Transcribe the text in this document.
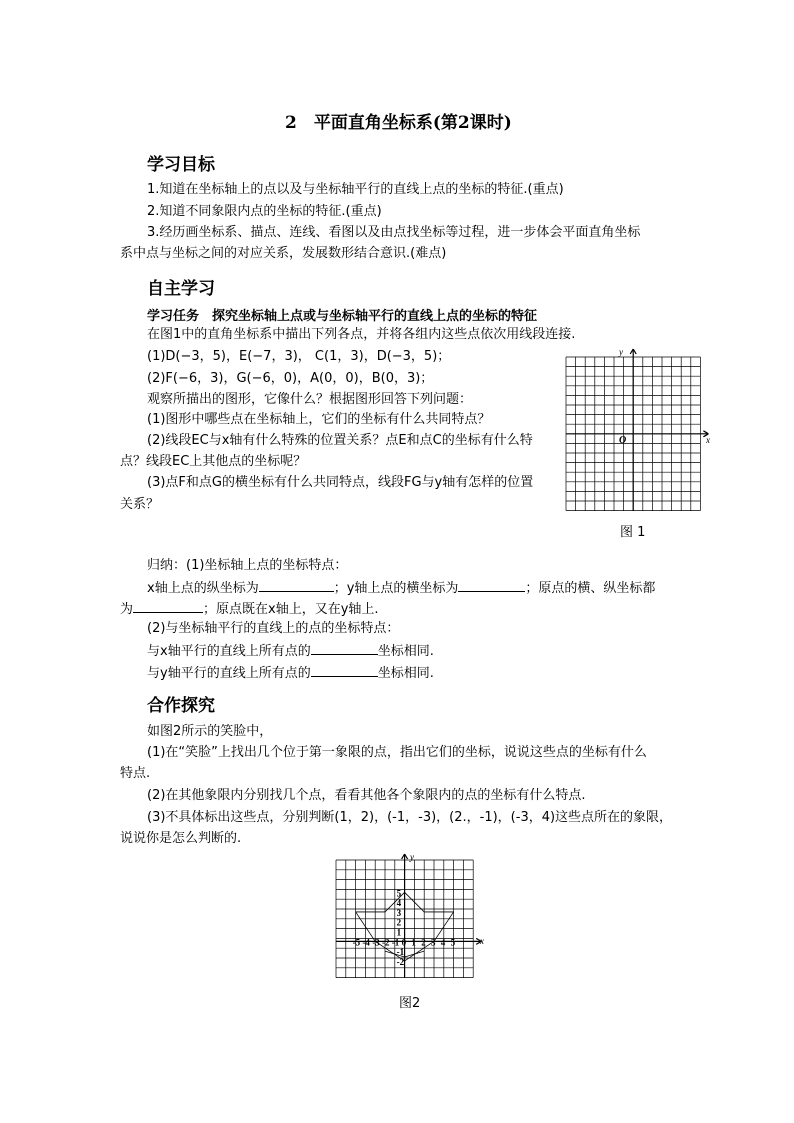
2　平面直角坐标系(第2课时)
学习目标
1.知道在坐标轴上的点以及与坐标轴平行的直线上点的坐标的特征.(重点)
2.知道不同象限内点的坐标的特征.(重点)
3.经历画坐标系、描点、连线、看图以及由点找坐标等过程，进一步体会平面直角坐标
系中点与坐标之间的对应关系，发展数形结合意识.(难点)
自主学习
学习任务　探究坐标轴上点或与坐标轴平行的直线上点的坐标的特征
在图1中的直角坐标系中描出下列各点，并将各组内这些点依次用线段连接.
(1)D(−3，5)，E(−7，3)， C(1，3)，D(−3，5)；
(2)F(−6，3)，G(−6，0)，A(0，0)，B(0，3)；
观察所描出的图形，它像什么？根据图形回答下列问题：
(1)图形中哪些点在坐标轴上，它们的坐标有什么共同特点？
(2)线段EC与x轴有什么特殊的位置关系？点E和点C的坐标有什么特
点？线段EC上其他点的坐标呢？
(3)点F和点G的横坐标有什么共同特点，线段FG与y轴有怎样的位置
关系？
y
x
O
图 1
归纳：(1)坐标轴上点的坐标特点：
x轴上点的纵坐标为	；y轴上点的横坐标为	；原点的横、纵坐标都
为	；原点既在x轴上，又在y轴上.
(2)与坐标轴平行的直线上的点的坐标特点：
与x轴平行的直线上所有点的	坐标相同.
与y轴平行的直线上所有点的	坐标相同.
合作探究
如图2所示的笑脸中，
(1)在“笑脸”上找出几个位于第一象限的点，指出它们的坐标，说说这些点的坐标有什么
特点.
(2)在其他象限内分别找几个点，看看其他各个象限内的点的坐标有什么特点.
(3)不具体标出这些点，分别判断(1，2)，(-1，-3)，(2.，-1)，(-3，4)这些点所在的象限，
说说你是怎么判断的.
-5 -4 -3 -2 -1 0 1 2 3 4 5
5
4
3
2
1
-1
-2
y
x
图2
